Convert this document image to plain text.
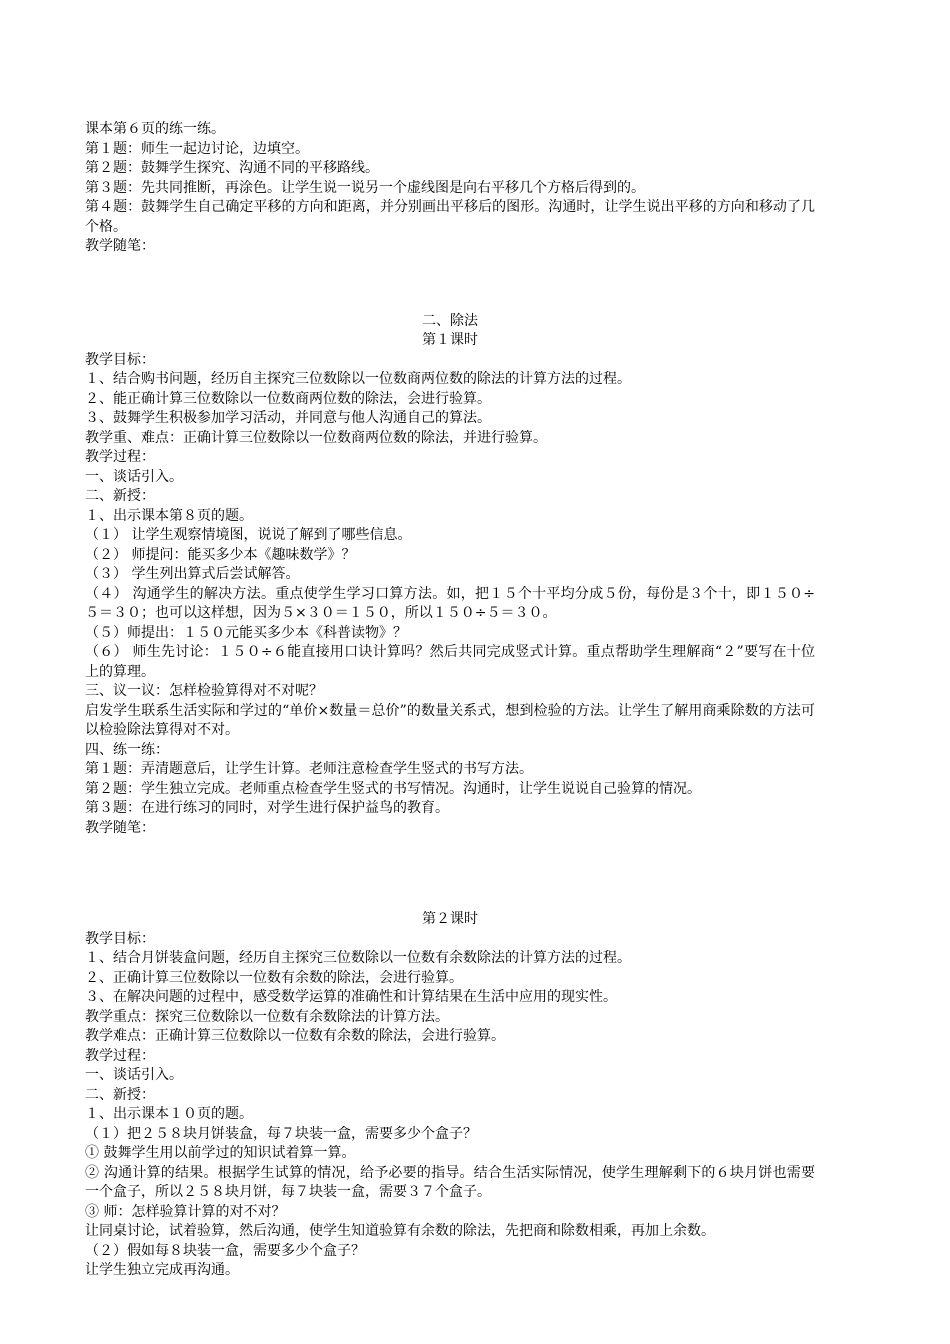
课本第６页的练一练。

第１题：师生一起边讨论，边填空。

第２题：鼓舞学生探究、沟通不同的平移路线。

第３题：先共同推断，再涂色。让学生说一说另一个虚线图是向右平移几个方格后得到的。

第４题：鼓舞学生自己确定平移的方向和距离，并分别画出平移后的图形。沟通时，让学生说出平移的方向和移动了几个格。

教学随笔：

二、除法

第１课时

教学目标：

１、结合购书问题，经历自主探究三位数除以一位数商两位数的除法的计算方法的过程。

２、能正确计算三位数除以一位数商两位数的除法，会进行验算。

３、鼓舞学生积极参加学习活动，并同意与他人沟通自己的算法。

教学重、难点：正确计算三位数除以一位数商两位数的除法，并进行验算。

教学过程：

一、谈话引入。

二、新授：

１、出示课本第８页的题。

（１） 让学生观察情境图，说说了解到了哪些信息。

（２） 师提问：能买多少本《趣味数学》？

（３） 学生列出算式后尝试解答。

（４） 沟通学生的解决方法。重点使学生学习口算方法。如，把１５个十平均分成５份，每份是３个十，即１５０÷５＝３０；也可以这样想，因为５×３０＝１５０，所以１５０÷５＝３０。

（５）师提出：１５０元能买多少本《科普读物》？

（６） 师生先讨论：１５０÷６能直接用口诀计算吗？然后共同完成竖式计算。重点帮助学生理解商“２”要写在十位上的算理。

三、议一议：怎样检验算得对不对呢？

启发学生联系生活实际和学过的“单价×数量＝总价”的数量关系式，想到检验的方法。让学生了解用商乘除数的方法可以检验除法算得对不对。

四、练一练：

第１题：弄清题意后，让学生计算。老师注意检查学生竖式的书写方法。

第２题：学生独立完成。老师重点检查学生竖式的书写情况。沟通时，让学生说说自己验算的情况。

第３题：在进行练习的同时，对学生进行保护益鸟的教育。

教学随笔：

第２课时

教学目标：

１、结合月饼装盒问题，经历自主探究三位数除以一位数有余数除法的计算方法的过程。

２、正确计算三位数除以一位数有余数的除法，会进行验算。

３、在解决问题的过程中，感受数学运算的准确性和计算结果在生活中应用的现实性。

教学重点：探究三位数除以一位数有余数除法的计算方法。

教学难点：正确计算三位数除以一位数有余数的除法，会进行验算。

教学过程：

一、谈话引入。

二、新授：

１、出示课本１０页的题。

（１）把２５８块月饼装盒，每７块装一盒，需要多少个盒子？

① 鼓舞学生用以前学过的知识试着算一算。

② 沟通计算的结果。根据学生试算的情况，给予必要的指导。结合生活实际情况，使学生理解剩下的６块月饼也需要一个盒子，所以２５８块月饼，每７块装一盒，需要３７个盒子。

③ 师：怎样验算计算的对不对？

让同桌讨论，试着验算，然后沟通，使学生知道验算有余数的除法，先把商和除数相乘，再加上余数。

（２）假如每８块装一盒，需要多少个盒子？

让学生独立完成再沟通。
